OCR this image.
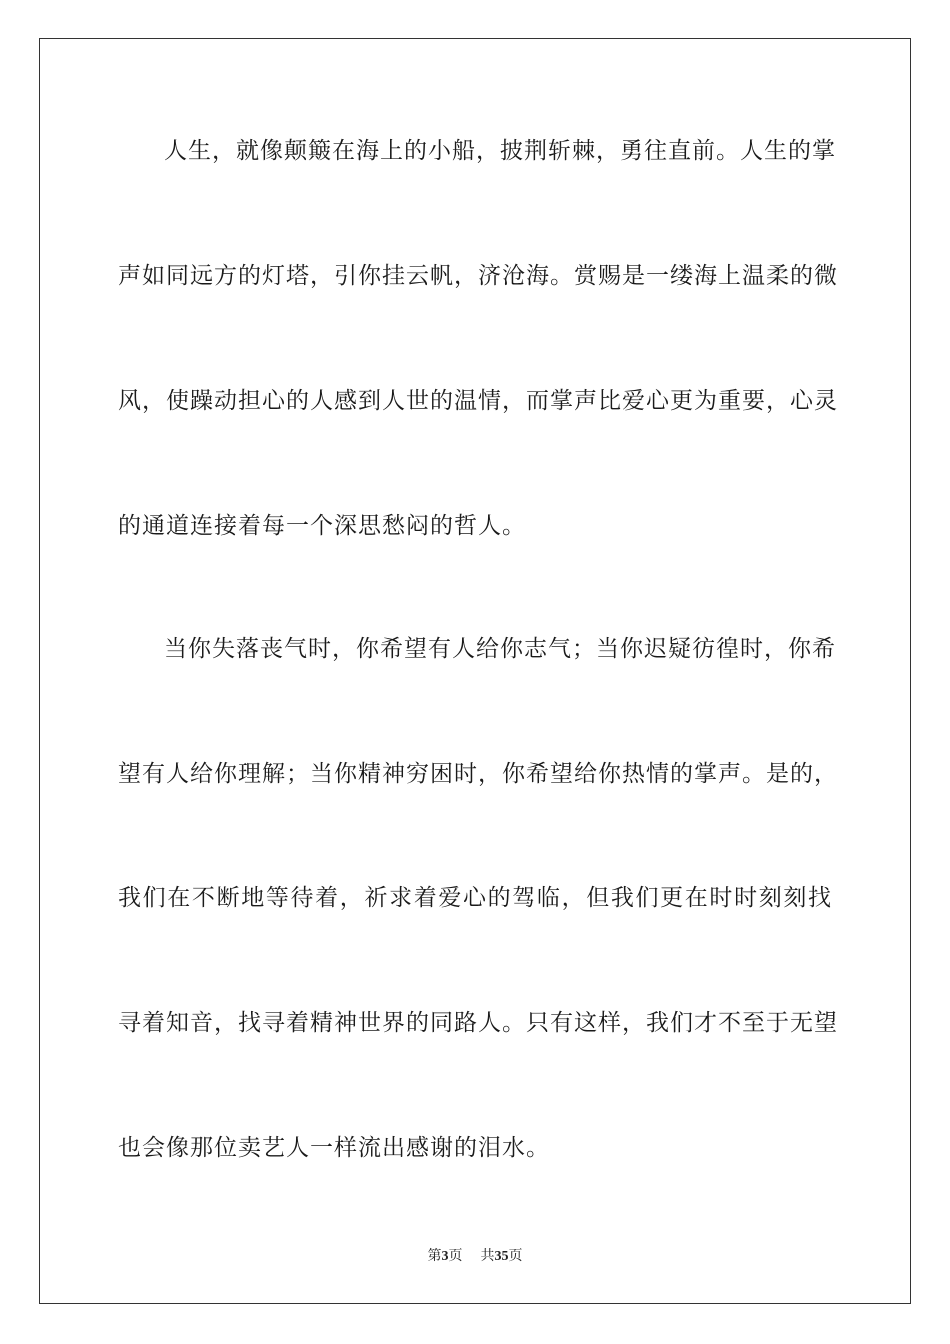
人生，就像颠簸在海上的小船，披荆斩棘，勇往直前。人生的掌
声如同远方的灯塔，引你挂云帆，济沧海。赏赐是一缕海上温柔的微
风，使躁动担心的人感到人世的温情，而掌声比爱心更为重要，心灵
的通道连接着每一个深思愁闷的哲人。
当你失落丧气时，你希望有人给你志气；当你迟疑彷徨时，你希
望有人给你理解；当你精神穷困时，你希望给你热情的掌声。是的，
我们在不断地等待着，祈求着爱心的驾临，但我们更在时时刻刻找
寻着知音，找寻着精神世界的同路人。只有这样，我们才不至于无望
也会像那位卖艺人一样流出感谢的泪水。
第3页 共35页
